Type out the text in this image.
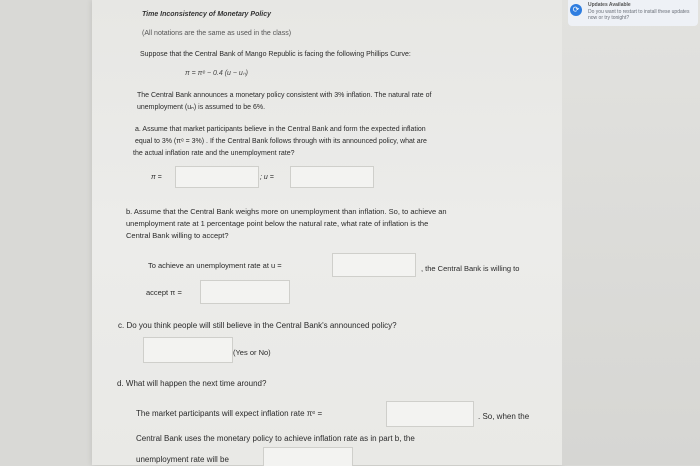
⟳	Updates Available
Do you want to restart to install these updates now or try tonight?
Time Inconsistency of Monetary Policy
(All notations are the same as used in the class)
Suppose that the Central Bank of Mango Republic is facing the following Phillips Curve:
π = πᵉ − 0.4 (u − uₙ)
The Central Bank announces a monetary policy consistent with 3% inflation. The natural rate of
unemployment (uₙ) is assumed to be 6%.
a. Assume that market participants believe in the Central Bank and form the expected inflation
equal to 3% (πᵉ = 3%) . If the Central Bank follows through with its announced policy, what are
the actual inflation rate and the unemployment rate?
π =	; u =
b. Assume that the Central Bank weighs more on unemployment than inflation. So, to achieve an
unemployment rate at 1 percentage point below the natural rate, what rate of inflation is the
Central Bank willing to accept?
To achieve an unemployment rate at u =	, the Central Bank is willing to
accept π =
c. Do you think people will still believe in the Central Bank's announced policy?
(Yes or No)
d. What will happen the next time around?
The market participants will expect inflation rate πᵉ =	. So, when the
Central Bank uses the monetary policy to achieve inflation rate as in part b, the
unemployment rate will be
